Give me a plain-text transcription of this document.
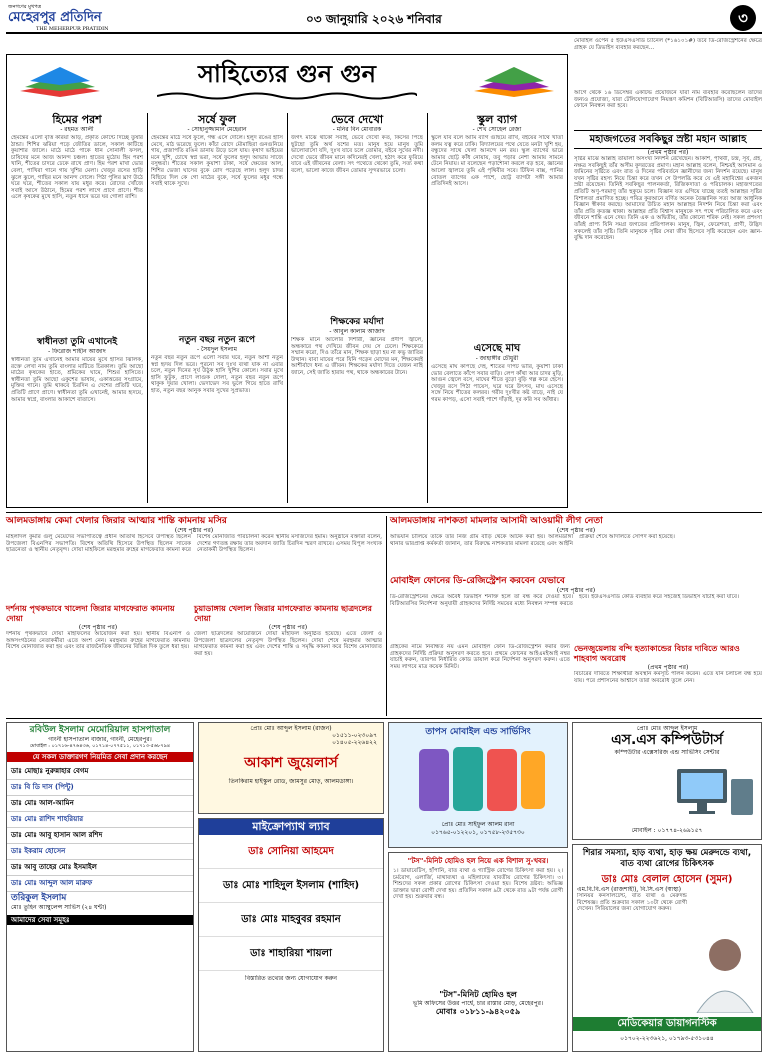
জনগণের মুখপত্র
মেহেরপুর প্রতিদিন
THE MEHERPUR PRATIDIN
০৩ জানুয়ারি ২০২৬ শনিবার	৩
সাহিত্যের গুন গুন
হিমের পরশ
- রহমত আলী
হেমন্তের এলো বৃত্তি করিয়া আড়, প্রকৃতি কোন্টে দিচ্ছে তুষার ঠান্ডা। শিশির ঝরিয়া পড়ে জৌতির ডালে, সকাল কাটিছে কুয়াশার জালে। মাঠে মাঠে পাকে ধান সোনালী ফসল, চাষিদের মনে আজ আনন্দ চঞ্চল। হাতের মুঠোয় হিম পরশ খানি, শীতের চাদরে ঢেকে রাখে প্রাণ। হিম পরশ মাখা ভোর বেলা, পাখিরা গানে গায় খুশির মেলা। খেজুর রসের হাড়ি ঝুলে ঝুলে, গাছির মনে আনন্দ দোলে। পিঠা পুলির ঘ্রাণ উঠে ঘরে ঘরে, শীতের সকাল যায় মধুর করে। রোদের খোঁজে সবাই আসে উঠানে, হিমের পরশ লাগে প্রাণে প্রাণে। শীত এলে কৃষকের মুখে হাসি, নতুন ধানে ভরে ঘর গোলা রাশি।
স্বাধীনতা তুমি এখানেই
- ফিরোজ শাহীন আজাদ
স্বাধীনতা তুমি এখানেই আমার মায়ের মুখে হাসির ঝিলিক, রক্তে লেখা নাম তুমি বাংলার মাটিতে চিরকাল। তুমি আছো মাঠের কৃষকের হাতে, শ্রমিকের ঘামে, শিশুর হাসিতে। স্বাধীনতা তুমি আছো একুশের ভাষায়, একাত্তরের সংগ্রামে, মুক্তির গানে। তুমি থাকবে চিরদিন এ দেশের প্রতিটি ঘরে, প্রতিটি প্রাণে প্রাণে। স্বাধীনতা তুমি এখানেই, আমার হৃদয়ে, আমার স্বপ্নে, বাংলার আকাশে বাতাসে।
সর্ষে ফুল
- সোহানুজ্জামান মেহেরান
হেমন্তের মাঠে সর্ষে ফুলে, গন্ধ এসে দোলে। হলুদ রঙের হাসি মেখে, মাঠ ভরেছে ফুলে। কাঁচা রোদে মৌমাছিরা গুনগুনিয়ে গায়, প্রজাপতি রঙিন ডানায় উড়ে চলে যায়। কৃষাণ ভাইয়ের মনে খুশি, চোখে স্বপ্ন ভরা, সর্ষে ফুলের হলুদ আভায় সাজে বসুন্ধরা। শীতের সকাল কুয়াশা ঢাকা, সর্ষে ক্ষেতের আল, শিশির ভেজা ঘাসের বুকে রোদ পড়েছে লাল। হলুদ চাদর বিছিয়ে দিল কে গো মাঠের বুকে, সর্ষে ফুলের মধুর গন্ধে সবাই থাকে সুখে।
নতুন বছর নতুন রূপে
- সৈয়দুল ইসলাম
নতুন বছর নতুন রূপে এলো সবার ঘরে, নতুন আশা নতুন স্বপ্ন হৃদয় দিল ভরে। পুরনো সব দুঃখ ব্যথা যাক না এবার চলে, নতুন দিনের সূর্য উঠুক হাসি খুশির কোলে। সবার মুখে হাসি ফুটুক, প্রাণে লাগুক দোলা, নতুন বছর নতুন রূপে থাকুক দুয়ার খোলা। ভেদাভেদ সব ভুলে গিয়ে হাতে রাখি হাত, নতুন বছর আনুক সবার সুখের সুপ্রভাত।
ভেবে দেখো
- মনির বিন মোবারক
জগৎ মাঝে থাকো সবাই, ভেবে দেখো কত, কিসের পিছে ছুটছো তুমি অর্থ যশের মত। মানুষ হয়ে মানুষ তুমি ভালোবাসো যদি, দুঃখ যাবে চলে তোমার, বইবে সুখের নদী। দেখো ভেবে জীবন মানে কদিনেরই খেলা, হঠাৎ করে ফুরিয়ে যাবে এই জীবনের বেলা। সৎ পথেতে থেকো তুমি, সত্য কথা বলো, ভালো কাজে জীবন তোমার সুন্দরভাবে চলো।
শিক্ষকের মর্যাদা
- আবুল কালাম আজাদ
শিক্ষক মানে আলোর দিশারী, জ্ঞানের প্রদীপ জ্বালে, অন্ধকারে পথ দেখিয়ে জীবন দেয় সে ঢেলে। শিক্ষকেরে সম্মান করো, দিও তাঁরে মান, শিক্ষক ছাড়া হয় না কভু জাতির উত্থান। বাবা মায়ের পরে যিনি গড়েন মোদের মন, শিক্ষকেরই আশীর্বাদে ধন্য এ জীবন। শিক্ষকের মর্যাদা দিতে যেজন নাহি জানে, সেই জাতি হারায় পথ, থাকে অন্ধকারের টানে।
স্কুল ব্যাগ
- শেখ সোহেল রেজা
স্কুলে যাব বলে আমি ব্যাগ গুছিয়ে রাখি, বইয়ের সাথে খাতা কলম যত্ন করে ঢাকি। বিদ্যালয়ের পথে যেতে মনটা খুশি হয়, বন্ধুদের সাথে খেলা আনন্দে মন রয়। স্কুল ব্যাগের ভারে আমার ছোট্ট কাঁধ নোয়ায়, তবু পড়ার নেশা আমায় সামনে টেনে নিয়ায়। মা বলেছেন পড়াশোনা করলে বড় হবে, জ্ঞানের আলো জ্বালবে তুমি এই পৃথিবীর সবে। টিফিন বাক্স, পানির বোতল ব্যাগের এক পাশে, ছোট্ট ব্যাগটা সঙ্গী আমার প্রতিদিনই আসে।
এসেছে মাঘ
- জাহাঙ্গীর চৌধুরী
এসেছে মাঘ কাঁপছে দেহ, শীতের দাপট ভারি, কুয়াশা ঢাকা ভোর বেলাতে কাঁপে সবার বাড়ি। লেপ কাঁথা আর চাদর মুড়ি, আগুন জ্বেলে বসে, মাঘের শীতে বুড়ো বুড়ি গল্প করে হেসে। খেজুর রসে পিঠা পায়েস, ঘরে ঘরে উৎসব, মাঘ এসেছে সঙ্গে নিয়ে শীতের কলরব। গরীব দুঃখীর কষ্ট বাড়ে, নাই যে গরম কাপড়, এসো সবাই পাশে দাঁড়াই, দূর করি সব আঁধার।
মোবাইল ওপেন ৫ ইউএসএসডি চ্যানেল (*১৬১০১#) তবে ডি-রেজিস্ট্রেশনের ক্ষেত্রে গ্রাহক যে ডিভাইস ব্যবহার করছেন...
আগে থেকে ১৬ ডিসেম্বর একটিভ প্রয়োজনে যারা নাম ব্যবহার করেছিলেন তাদের জন্যও প্রযোজ্য, যারা টেলিযোগাযোগ নিয়ন্ত্রণ কমিশন (বিটিআরসি) তাদের মোবাইল ফোনে নিবন্ধন করা হবে।
মহাজগতের সবকিছুর স্রষ্টা মহান আল্লাহ
(প্রথম পৃষ্ঠার পর)
সৃষ্টির মাঝে আল্লাহ তায়ালা অসংখ্য নিদর্শন রেখেছেন। আকাশ, পৃথিবী, চন্দ্র, সূর্য, গ্রহ, নক্ষত্র সবকিছুই তাঁর অসীম কুদরতের প্রমাণ। মহান আল্লাহ বলেন, নিশ্চয়ই আসমান ও জমিনের সৃষ্টিতে এবং রাত ও দিনের পরিবর্তনে জ্ঞানীদের জন্য নিদর্শন রয়েছে। মানুষ যখন সৃষ্টির রহস্য নিয়ে চিন্তা করে তখন সে উপলব্ধি করে যে এই মহাবিশ্বের একজন স্রষ্টা রয়েছেন। তিনিই সবকিছুর পালনকর্তা, রিজিকদাতা ও পরিচালক। মহাজগতের প্রতিটি অণু-পরমাণু তাঁর হুকুমে চলে। বিজ্ঞান যত এগিয়ে যাচ্ছে ততই আল্লাহর সৃষ্টির বিশালতা প্রমাণিত হচ্ছে। পবিত্র কুরআনে বর্ণিত অনেক বৈজ্ঞানিক সত্য আজ আধুনিক বিজ্ঞান স্বীকার করছে। আমাদের উচিত মহান আল্লাহর নিদর্শন নিয়ে চিন্তা করা এবং তাঁর প্রতি কৃতজ্ঞ থাকা। আল্লাহর প্রতি বিশ্বাস মানুষকে সৎ পথে পরিচালিত করে এবং জীবনে শান্তি এনে দেয়। তিনি এক ও অদ্বিতীয়, তাঁর কোনো শরিক নেই। সকল প্রশংসা তাঁরই প্রাপ্য যিনি সমগ্র জগতের প্রতিপালক। মানুষ, জ্বিন, ফেরেশতা, প্রাণী, উদ্ভিদ সকলেই তাঁর সৃষ্টি। তিনি মানুষকে সৃষ্টির সেরা জীব হিসেবে সৃষ্টি করেছেন এবং জ্ঞান-বুদ্ধি দান করেছেন।
আলমডাঙ্গায় কেমা খেলার জিরার আত্মার শান্তি কামনায় মসির
(শেষ পৃষ্ঠার পর)
মহিলাদল কুমার গুলু মেয়েদের সভাপতিত্বে প্রধান অতিথি হিসেবে উপস্থিত ছিলেন উপজেলা বিএনপির সভাপতি। বিশেষ অতিথি হিসেবে উপস্থিত ছিলেন সাবেক ছাত্রনেতা ও স্থানীয় নেতৃবৃন্দ। দোয়া মাহফিলে মরহুমার রুহের মাগফেরাত কামনা করে বিশেষ মোনাজাত পরিচালনা করেন স্থানীয় মসজিদের ইমাম। অনুষ্ঠানে বক্তারা বলেন, দেশের গণতন্ত্র রক্ষায় তার অবদান জাতি চিরদিন স্মরণ রাখবে। এসময় বিপুল সংখ্যক নেতাকর্মী উপস্থিত ছিলেন।
চুয়াডাঙ্গায় খেলাল জিরার মাগফেরাত কামনায় ছাত্রদলের দোয়া
(শেষ পৃষ্ঠার পর)
জেলা ছাত্রদলের আয়োজনে দোয়া মাহফিল অনুষ্ঠিত হয়েছে। এতে জেলা ও উপজেলা ছাত্রদলের নেতৃবৃন্দ উপস্থিত ছিলেন। দোয়া শেষে মরহুমার আত্মার মাগফেরাত কামনা করা হয় এবং দেশের শান্তি ও সমৃদ্ধি কামনা করে বিশেষ মোনাজাত করা হয়।
দর্শনায় পৃথকভাবে খালেদা জিরার মাগফেরাত কামনায় দোয়া
(শেষ পৃষ্ঠার পর)
দর্শনায় পৃথকভাবে দোয়া মাহফিলের আয়োজন করা হয়। স্থানীয় বিএনপি ও অঙ্গসংগঠনের নেতাকর্মীরা এতে অংশ নেন। মরহুমার রুহের মাগফেরাত কামনায় বিশেষ মোনাজাত করা হয় এবং তার রাজনৈতিক জীবনের বিভিন্ন দিক তুলে ধরা হয়।
আলমডাঙ্গায় নাশকতা মামলার আসামী আওয়ামী লীগ নেতা
(শেষ পৃষ্ঠার পর)
অভিযান চালিয়ে তাকে তার নিজ গ্রাম বাড়ি থেকে আটক করা হয়। আলমডাঙ্গা থানার ভারপ্রাপ্ত কর্মকর্তা জানান, তার বিরুদ্ধে নাশকতার মামলা রয়েছে এবং আইনি প্রক্রিয়া শেষে আদালতে সোপর্দ করা হয়েছে।
মোবাইল ফোনের ডি-রেজিস্ট্রেশন করবেন যেভাবে
(শেষ পৃষ্ঠার পর)
ডি-রেজিস্ট্রেশনের ক্ষেত্রে অবৈধ ডিভাইস শনাক্ত হলে তা বন্ধ করে দেওয়া হবে। বিটিআরসির নির্দেশনা অনুযায়ী গ্রাহকদের নির্দিষ্ট সময়ের মধ্যে নিবন্ধন সম্পন্ন করতে হবে। ইউএসএসডি কোড ব্যবহার করে সহজেই ডিভাইস যাচাই করা যাবে।
ভেনজুয়েলায় বন্দি হত্যাকান্ডের বিচার দাবিতে আরও শাহবাগ অবরোধ
(প্রথম পৃষ্ঠার পর)
বিচারের দাবিতে শিক্ষার্থীরা অবস্থান কর্মসূচি পালন করেন। এতে যান চলাচল বন্ধ হয়ে যায়। পরে প্রশাসনের আশ্বাসে তারা অবরোধ তুলে নেন।
গ্রাহকের নামে নিবন্ধিত নয় এমন মোবাইল ফোন ডি-রেজিস্ট্রেশন করার জন্য গ্রাহকদের নির্দিষ্ট প্রক্রিয়া অনুসরণ করতে হবে। প্রথমে ফোনের আইএমইআই নম্বর যাচাই করুন, তারপর নির্ধারিত কোড ডায়াল করে নির্দেশনা অনুসরণ করুন। এতে সময় লাগবে মাত্র কয়েক মিনিট।
রবিউল ইসলাম মেমোরিয়াল হাসপাতাল
গাংনী হাসপাতাল বাজার, গাংনী, মেহেরপুর।
মোবাইল : ০১৭১৬-৪৭৬৪৩৬, ০১৭১৪-০৭৭৫১১, ০১৭১৩-৫৬৮৭৯৪
যে সকল ডাক্তারগণ নিয়মিত সেবা প্রদান করছেন
ডাঃ মোছাঃ নুরুন্নাহার বেগম
ডাঃ বি ডি দাস (পিন্টু)
ডাঃ মোঃ আল-আমিন
ডাঃ মোঃ রাশিদ শাহরিয়ার
ডাঃ মোঃ আবু হাসান আল রশিদ
ডাঃ ইকরাম হোসেন
ডাঃ আবু তাহের মোঃ ইসমাইল
ডাঃ মোঃ আব্দুল আল মারুফ
তরিকুল ইসলাম
মোঃ তুহিন অ্যাম্বুলেন্স সার্ভিস (২৪ ঘন্টা)
আমাদের সেবা সমূহঃ
প্রোঃ মোঃ আব্দুল ইসলাম (রাজন)
০১৫১১-০২৩০৯৭
০১৪০৫-২২৬৪২২
আকাশ জুয়েলার্স
তিনকিরাম হাইস্কুল রোড, জামসুর মোড়, আলমডাঙ্গা।
মাইক্রোপ্যাথ ল্যাব
ডাঃ সোনিয়া আহমেদ
ডাঃ মোঃ শাহিদুল ইসলাম (শাহিদ)
ডাঃ মোঃ মাহবুবর রহমান
ডাঃ শাহারিয়া শায়লা
বিস্তারিত তথ্যের জন্য যোগাযোগ করুন
তাপস মোবাইল এন্ড সার্ভিসিং
প্রোঃ মোঃ সাইফুল আলম রানা
০১৭৬৫-০১২২০১, ০১৭৫৮-২৩৫৭৩০
"টস"-মিনিট হোমিও হল নিয়ে এক বিশাল সু-খবর।
১। ডায়াবেটিস, হাঁপানি, বাত ব্যথা ও গ্যাস্ট্রিক রোগের চিকিৎসা করা হয়। ২। চর্মরোগ, এলার্জি, মাথাব্যথা ও মহিলাদের যাবতীয় রোগের চিকিৎসা। ৩। শিশুদের সকল প্রকার রোগের চিকিৎসা দেওয়া হয়। বিশেষ দ্রষ্টব্য: অভিজ্ঞ ডাক্তার দ্বারা রোগী দেখা হয়। প্রতিদিন সকাল ৯টা থেকে রাত ৯টা পর্যন্ত রোগী দেখা হয়। শুক্রবার বন্ধ।
"টস"-মিনিট হোমিও হল
ভূমি অফিসের উত্তর পার্শ্বে, চার রাস্তার মোড়, মেহেরপুর।
মোবাঃ ০১৮১১-৯৪২০৫৯
প্রোঃ মোঃ আব্দুল ইসলাম
এস.এস কম্পিউটার্স
কম্পিউটার এক্সেসরিজ এন্ড সার্ভিসিং সেন্টার
মোবাইল : ০১৭৭৪-২৬৯১৫৭
শিরার সমস্যা, হাড় ব্যথা, হাড় ক্ষয় মেরুদন্ডে ব্যথা, বাত ব্যথা রোগের চিকিৎসক
ডাঃ মোঃ বেলাল হোসেন (সুমন)
এম.বি.বি.এস (রাজশাহী), বি.সি.এস (স্বাস্থ্য)
সিনিয়র কনসালটেন্ট, বাত ব্যথা ও মেরুদন্ড বিশেষজ্ঞ। প্রতি শুক্রবার সকাল ১০টা থেকে রোগী দেখেন। সিরিয়ালের জন্য যোগাযোগ করুন।
মেডিকেয়ার ডায়াগনস্টিক
০১৭০২-২২৩৬২১, ০১৭৯৩-৫৩১০৪৪
